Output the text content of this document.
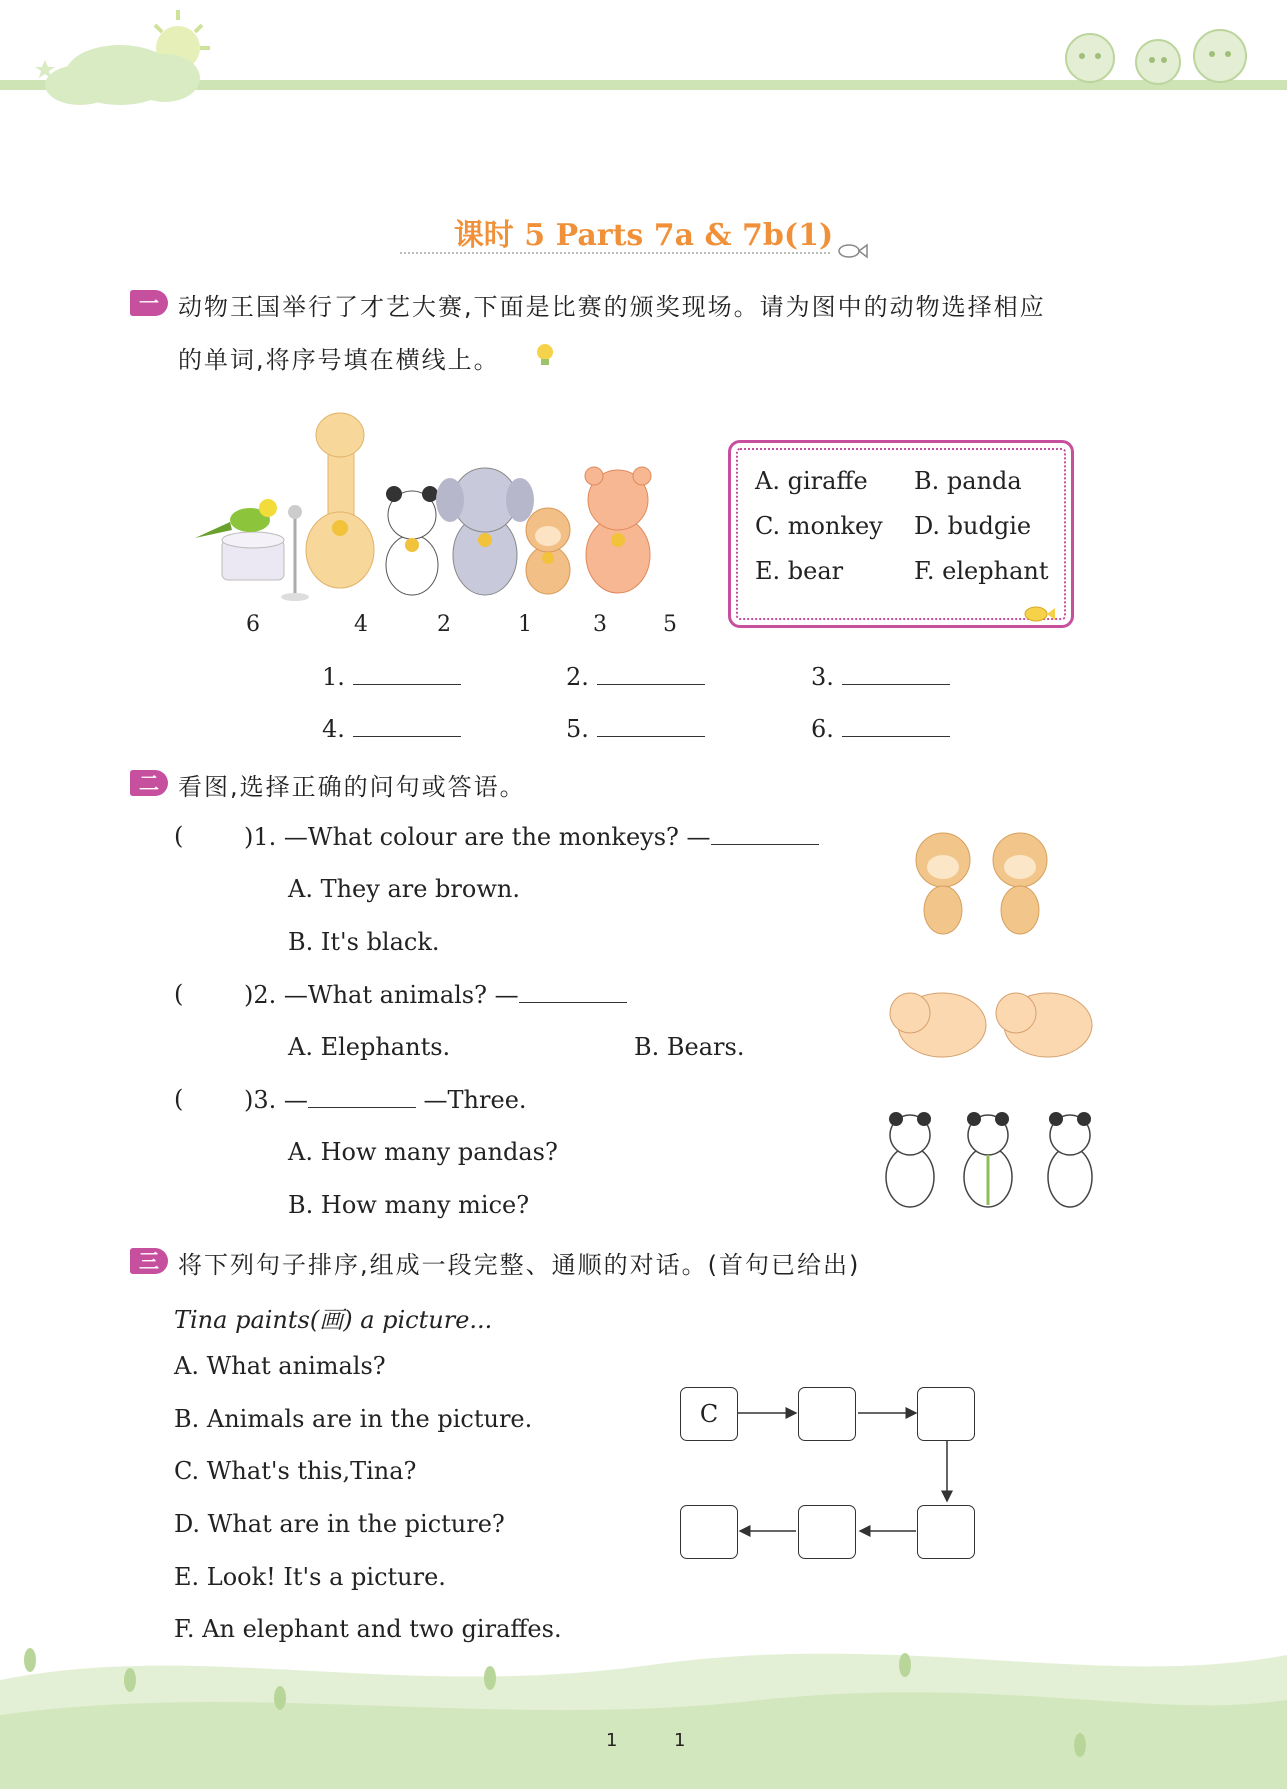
课时 5 Parts 7a & 7b(1)
一 动物王国举行了才艺大赛,下面是比赛的颁奖现场。请为图中的动物选择相应
的单词,将序号填在横线上。
6	4	2	1	3	5
A. giraffe B. panda
C. monkey D. budgie
E. bear	F. elephant
1.	2.	3.
4.	5.	6.
二 看图,选择正确的问句或答语。
(	)1. —What colour are the monkeys? —
A. They are brown.
B. It's black.
(	)2. —What animals? —
A. Elephants.	B. Bears.
(	)3. —	—Three.
A. How many pandas?
B. How many mice?
三 将下列句子排序,组成一段完整、通顺的对话。(首句已给出)
Tina paints(画) a picture...
A. What animals?
B. Animals are in the picture.
C. What's this,Tina?
D. What are in the picture?
E. Look! It's a picture.
F. An elephant and two giraffes.
C
1	1
